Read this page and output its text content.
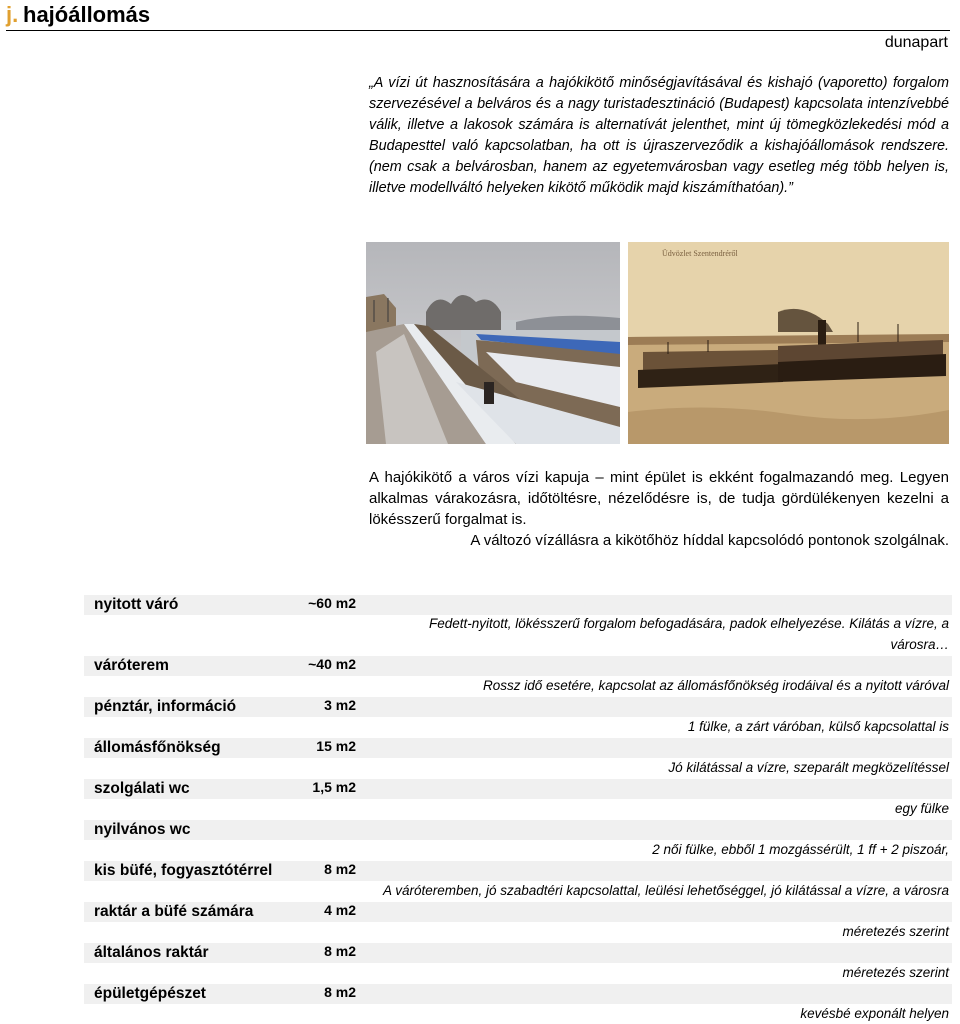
j. hajóállomás
dunapart
„A vízi út hasznosítására a hajókikötő minőségjavításával és kishajó (vaporetto) forgalom szervezésével a belváros és a nagy turistadesztináció (Budapest) kapcsolata intenzívebbé válik, illetve a lakosok számára is alternatívát jelenthet, mint új tömegközlekedési mód a Budapesttel való kapcsolatban, ha ott is újraszerveződik a kishajóállomások rendszere. (nem csak a belvárosban, hanem az egyetemvárosban vagy esetleg még több helyen is, illetve modellváltó helyeken kikötő működik majd kiszámíthatóan).”
Üdvözlet Szentendréről
A hajókikötő a város vízi kapuja – mint épület is ekként fogalmazandó meg. Legyen alkalmas várakozásra, időtöltésre, nézelődésre is, de tudja gördülékenyen kezelni a lökésszerű forgalmat is.
A változó vízállásra a kikötőhöz híddal kapcsolódó pontonok szolgálnak.
nyitott váró	~60 m2
Fedett-nyitott, lökésszerű forgalom befogadására, padok elhelyezése. Kilátás a vízre, a városra…
váróterem	~40 m2
Rossz idő esetére, kapcsolat az állomásfőnökség irodáival és a nyitott váróval
pénztár, információ	3 m2
1 fülke, a zárt váróban, külső kapcsolattal is
állomásfőnökség	15 m2
Jó kilátással a vízre, szeparált megközelítéssel
szolgálati wc	1,5 m2
egy fülke
nyilvános wc
2 női fülke, ebből 1 mozgássérült, 1 ff + 2 piszoár,
kis büfé, fogyasztótérrel	8 m2
A váróteremben, jó szabadtéri kapcsolattal, leülési lehetőséggel, jó kilátással a vízre, a városra
raktár a büfé számára	4 m2
méretezés szerint
általános raktár	8 m2
méretezés szerint
épületgépészet	8 m2
kevésbé exponált helyen
